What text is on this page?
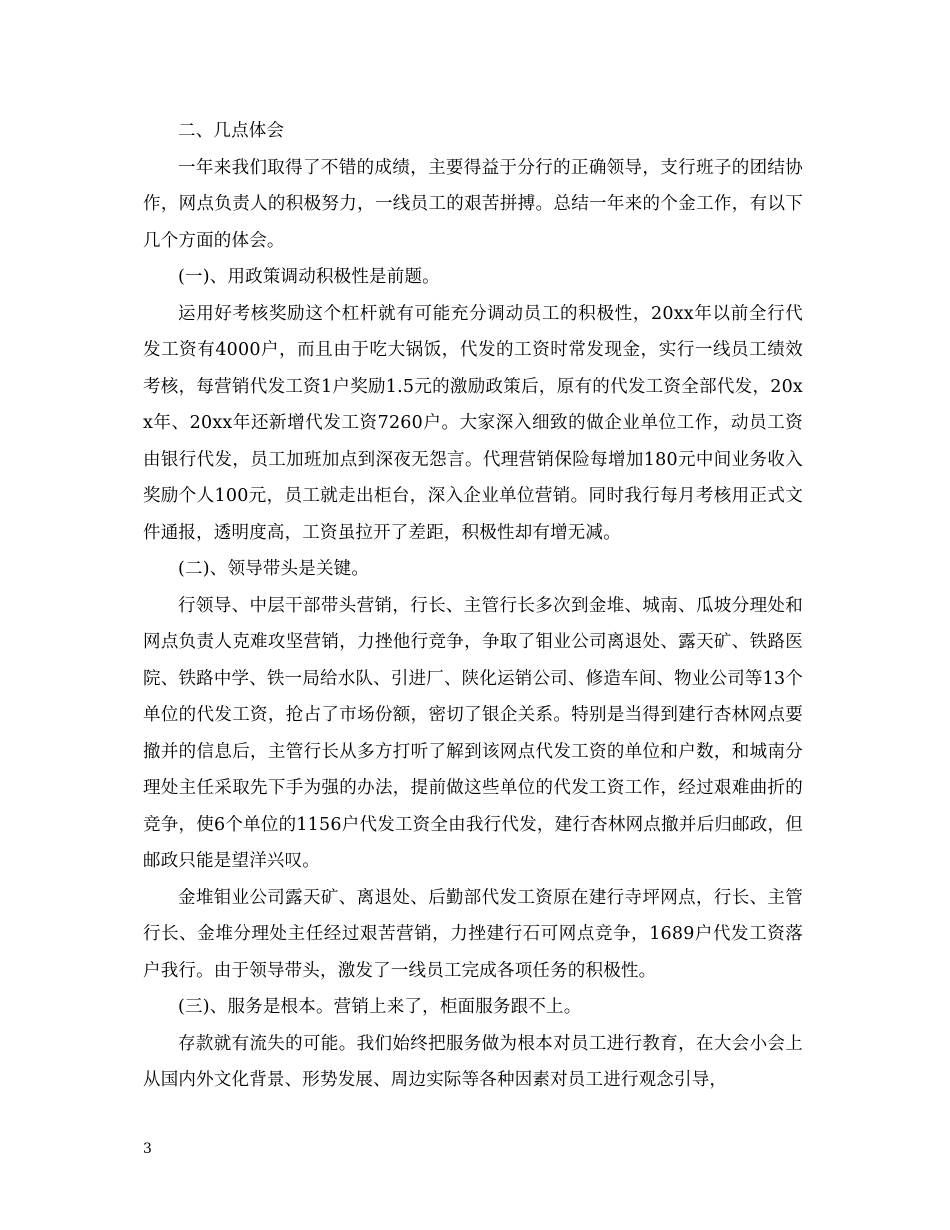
二、几点体会

一年来我们取得了不错的成绩，主要得益于分行的正确领导，支行班子的团结协作，网点负责人的积极努力，一线员工的艰苦拼搏。总结一年来的个金工作，有以下几个方面的体会。

(一)、用政策调动积极性是前题。

运用好考核奖励这个杠杆就有可能充分调动员工的积极性，20xx年以前全行代发工资有4000户，而且由于吃大锅饭，代发的工资时常发现金，实行一线员工绩效考核，每营销代发工资1户奖励1.5元的激励政策后，原有的代发工资全部代发，20xx年、20xx年还新增代发工资7260户。大家深入细致的做企业单位工作，动员工资由银行代发，员工加班加点到深夜无怨言。代理营销保险每增加180元中间业务收入奖励个人100元，员工就走出柜台，深入企业单位营销。同时我行每月考核用正式文件通报，透明度高，工资虽拉开了差距，积极性却有增无减。

(二)、领导带头是关键。

行领导、中层干部带头营销，行长、主管行长多次到金堆、城南、瓜坡分理处和网点负责人克难攻坚营销，力挫他行竞争，争取了钼业公司离退处、露天矿、铁路医院、铁路中学、铁一局给水队、引进厂、陕化运销公司、修造车间、物业公司等13个单位的代发工资，抢占了市场份额，密切了银企关系。特别是当得到建行杏林网点要撤并的信息后，主管行长从多方打听了解到该网点代发工资的单位和户数，和城南分理处主任采取先下手为强的办法，提前做这些单位的代发工资工作，经过艰难曲折的竞争，使6个单位的1156户代发工资全由我行代发，建行杏林网点撤并后归邮政，但邮政只能是望洋兴叹。

金堆钼业公司露天矿、离退处、后勤部代发工资原在建行寺坪网点，行长、主管行长、金堆分理处主任经过艰苦营销，力挫建行石可网点竞争，1689户代发工资落户我行。由于领导带头，激发了一线员工完成各项任务的积极性。

(三)、服务是根本。营销上来了，柜面服务跟不上。

存款就有流失的可能。我们始终把服务做为根本对员工进行教育，在大会小会上从国内外文化背景、形势发展、周边实际等各种因素对员工进行观念引导，

3
